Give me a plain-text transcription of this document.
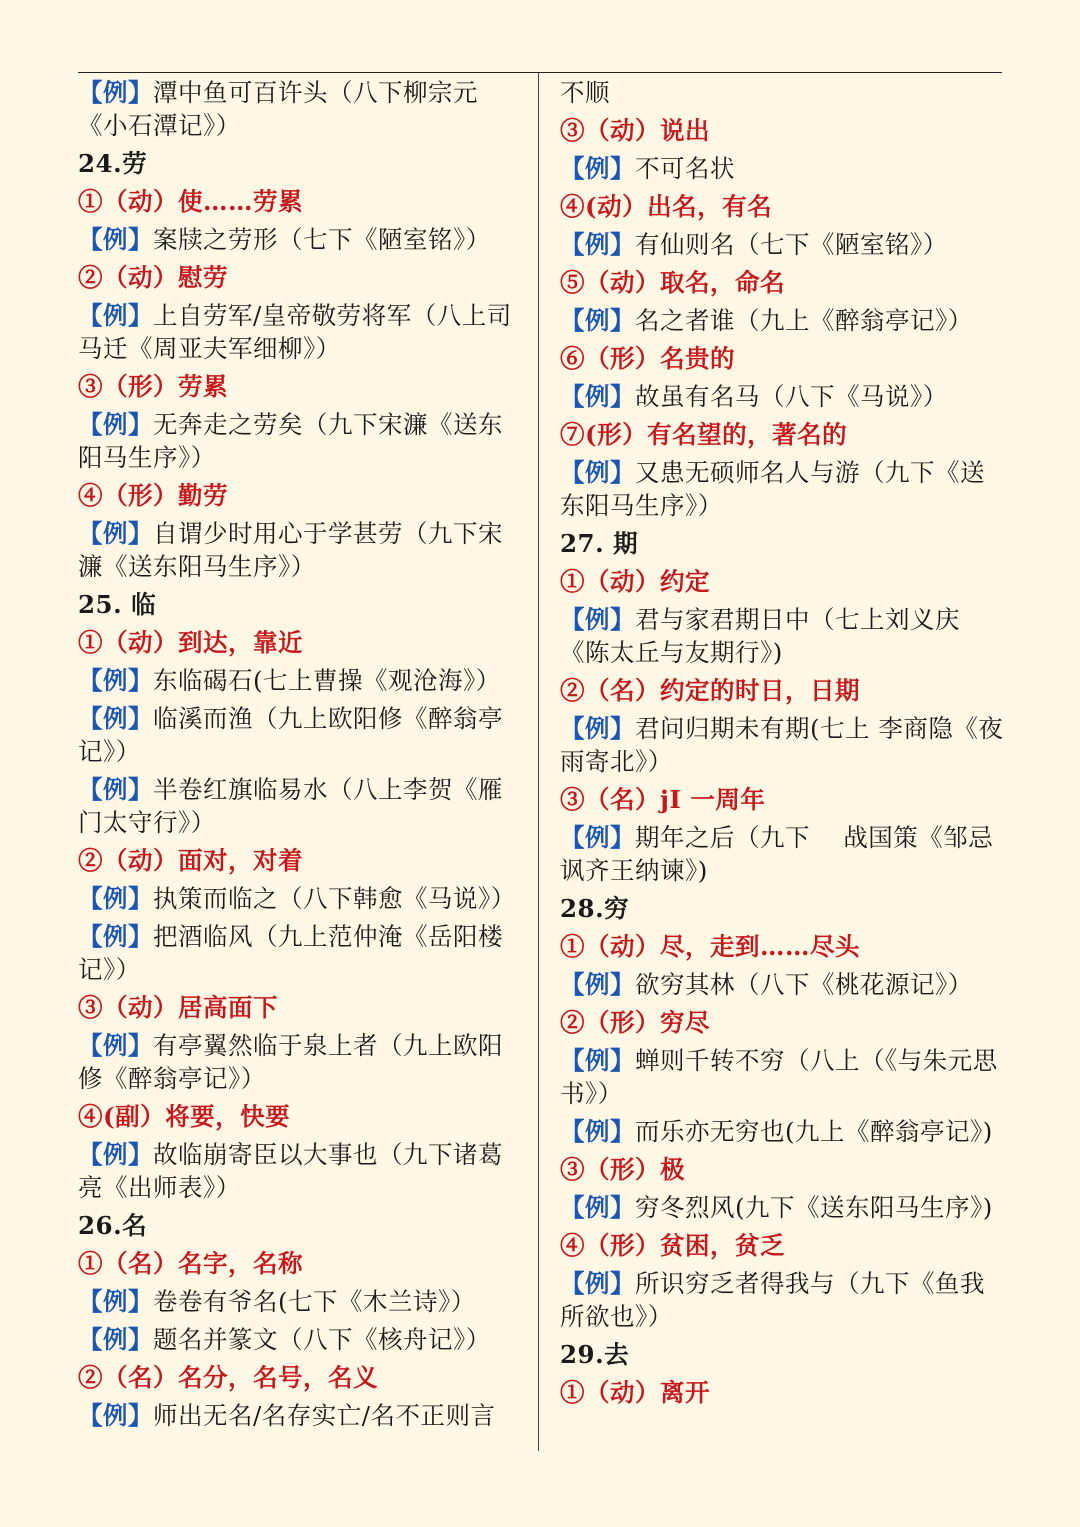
【例】潭中鱼可百许头（八下柳宗元《小石潭记》）
24.劳
①（动）使……劳累
【例】案牍之劳形（七下《陋室铭》）
②（动）慰劳
【例】上自劳军/皇帝敬劳将军（八上司马迁《周亚夫军细柳》）
③（形）劳累
【例】无奔走之劳矣（九下宋濂《送东阳马生序》）
④（形）勤劳
【例】自谓少时用心于学甚劳（九下宋濂《送东阳马生序》）
25. 临
①（动）到达，靠近
【例】东临碣石(七上曹操《观沧海》）
【例】临溪而渔（九上欧阳修《醉翁亭记》）
【例】半卷红旗临易水（八上李贺《雁门太守行》）
②（动）面对，对着
【例】执策而临之（八下韩愈《马说》）
【例】把酒临风（九上范仲淹《岳阳楼记》）
③（动）居高面下
【例】有亭翼然临于泉上者（九上欧阳修《醉翁亭记》）
④(副）将要，快要
【例】故临崩寄臣以大事也（九下诸葛亮《出师表》）
26.名
①（名）名字，名称
【例】卷卷有爷名(七下《木兰诗》）
【例】题名并篆文（八下《核舟记》）
②（名）名分，名号，名义
【例】师出无名/名存实亡/名不正则言
不顺
③（动）说出
【例】不可名状
④(动）出名，有名
【例】有仙则名（七下《陋室铭》）
⑤（动）取名，命名
【例】名之者谁（九上《醉翁亭记》）
⑥（形）名贵的
【例】故虽有名马（八下《马说》）
⑦(形）有名望的，著名的
【例】又患无硕师名人与游（九下《送东阳马生序》）
27. 期
①（动）约定
【例】君与家君期日中（七上刘义庆《陈太丘与友期行》)
②（名）约定的时日，日期
【例】君问归期未有期(七上 李商隐《夜雨寄北》）
③（名）jI 一周年
【例】期年之后（九下　 战国策《邹忌讽齐王纳谏》)
28.穷
①（动）尽，走到……尽头
【例】欲穷其林（八下《桃花源记》）
②（形）穷尽
【例】蝉则千转不穷（八上（《与朱元思书》）
【例】而乐亦无穷也(九上《醉翁亭记》)
③（形）极
【例】穷冬烈风(九下《送东阳马生序》)
④（形）贫困，贫乏
【例】所识穷乏者得我与（九下《鱼我所欲也》）
29.去
①（动）离开
